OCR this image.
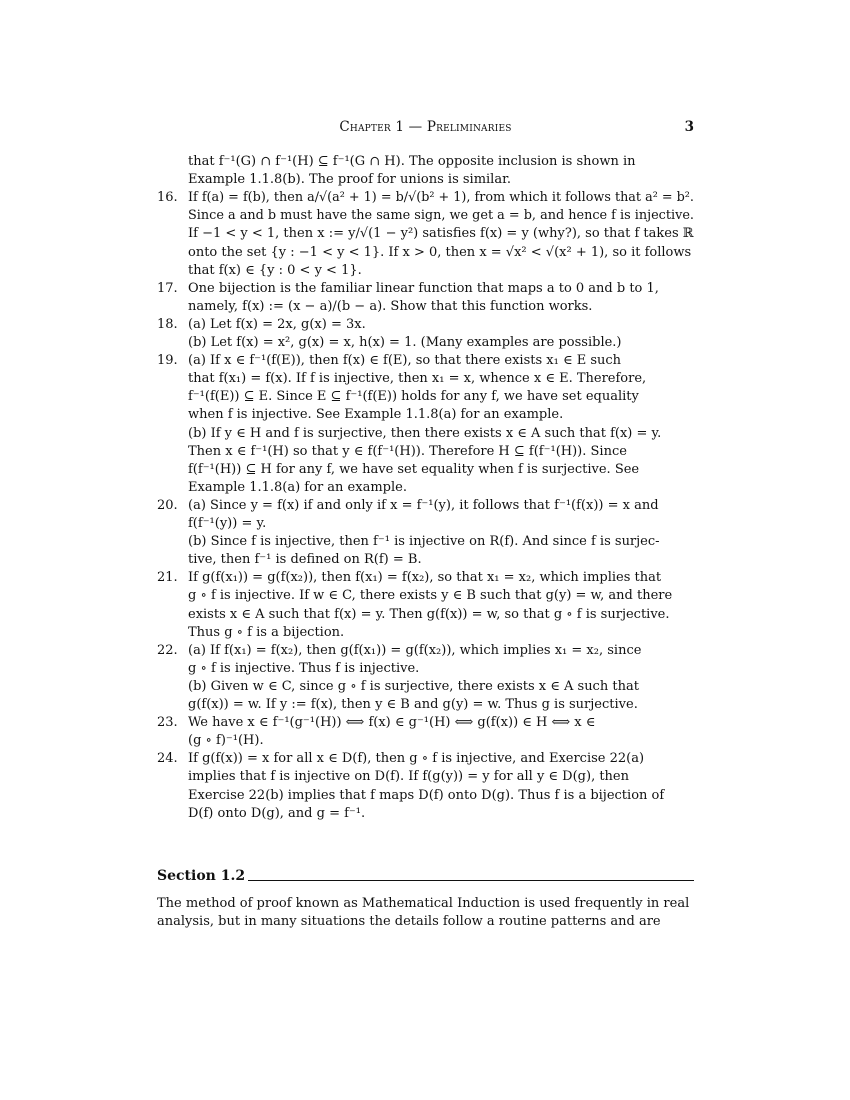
Chapter 1 — Preliminaries	3
that f⁻¹(G) ∩ f⁻¹(H) ⊆ f⁻¹(G ∩ H). The opposite inclusion is shown in
Example 1.1.8(b). The proof for unions is similar.
16. If f(a) = f(b), then a/√(a² + 1) = b/√(b² + 1), from which it follows that a² = b².
Since a and b must have the same sign, we get a = b, and hence f is injective.
If −1 < y < 1, then x := y/√(1 − y²) satisfies f(x) = y (why?), so that f takes ℝ
onto the set {y : −1 < y < 1}. If x > 0, then x = √x² < √(x² + 1), so it follows
that f(x) ∈ {y : 0 < y < 1}.
17. One bijection is the familiar linear function that maps a to 0 and b to 1,
namely, f(x) := (x − a)/(b − a). Show that this function works.
18. (a) Let f(x) = 2x, g(x) = 3x.
(b) Let f(x) = x², g(x) = x, h(x) = 1. (Many examples are possible.)
19. (a) If x ∈ f⁻¹(f(E)), then f(x) ∈ f(E), so that there exists x₁ ∈ E such
that f(x₁) = f(x). If f is injective, then x₁ = x, whence x ∈ E. Therefore,
f⁻¹(f(E)) ⊆ E. Since E ⊆ f⁻¹(f(E)) holds for any f, we have set equality
when f is injective. See Example 1.1.8(a) for an example.
(b) If y ∈ H and f is surjective, then there exists x ∈ A such that f(x) = y.
Then x ∈ f⁻¹(H) so that y ∈ f(f⁻¹(H)). Therefore H ⊆ f(f⁻¹(H)). Since
f(f⁻¹(H)) ⊆ H for any f, we have set equality when f is surjective. See
Example 1.1.8(a) for an example.
20. (a) Since y = f(x) if and only if x = f⁻¹(y), it follows that f⁻¹(f(x)) = x and
f(f⁻¹(y)) = y.
(b) Since f is injective, then f⁻¹ is injective on R(f). And since f is surjec-
tive, then f⁻¹ is defined on R(f) = B.
21. If g(f(x₁)) = g(f(x₂)), then f(x₁) = f(x₂), so that x₁ = x₂, which implies that
g ∘ f is injective. If w ∈ C, there exists y ∈ B such that g(y) = w, and there
exists x ∈ A such that f(x) = y. Then g(f(x)) = w, so that g ∘ f is surjective.
Thus g ∘ f is a bijection.
22. (a) If f(x₁) = f(x₂), then g(f(x₁)) = g(f(x₂)), which implies x₁ = x₂, since
g ∘ f is injective. Thus f is injective.
(b) Given w ∈ C, since g ∘ f is surjective, there exists x ∈ A such that
g(f(x)) = w. If y := f(x), then y ∈ B and g(y) = w. Thus g is surjective.
23. We have x ∈ f⁻¹(g⁻¹(H)) ⟺ f(x) ∈ g⁻¹(H) ⟺ g(f(x)) ∈ H ⟺ x ∈
(g ∘ f)⁻¹(H).
24. If g(f(x)) = x for all x ∈ D(f), then g ∘ f is injective, and Exercise 22(a)
implies that f is injective on D(f). If f(g(y)) = y for all y ∈ D(g), then
Exercise 22(b) implies that f maps D(f) onto D(g). Thus f is a bijection of
D(f) onto D(g), and g = f⁻¹.
Section 1.2
The method of proof known as Mathematical Induction is used frequently in real
analysis, but in many situations the details follow a routine patterns and are
